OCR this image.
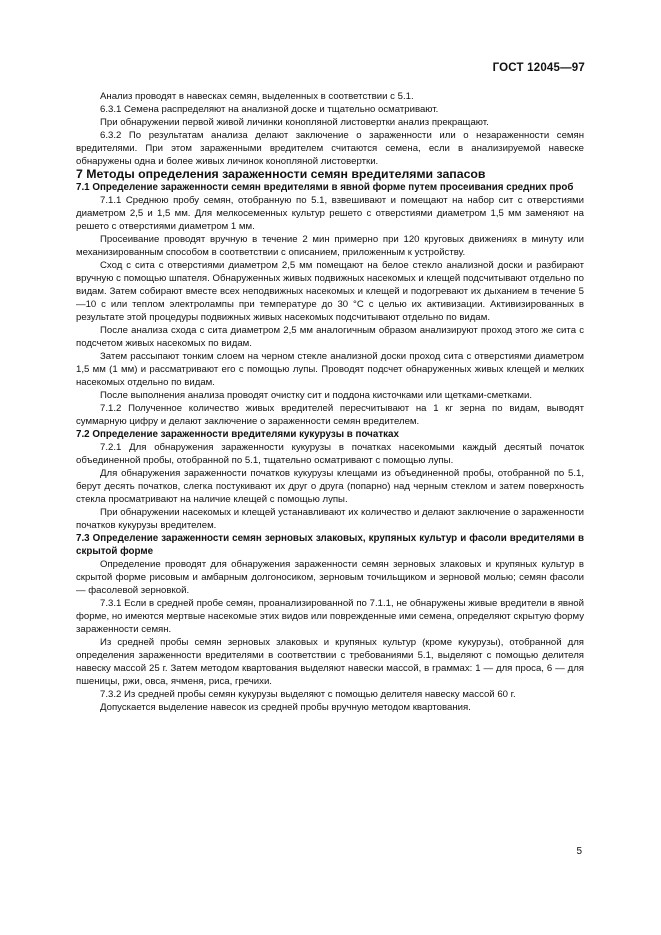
ГОСТ 12045—97

Анализ проводят в навесках семян, выделенных в соответствии с 5.1.

6.3.1 Семена распределяют на анализной доске и тщательно осматривают.

При обнаружении первой живой личинки конопляной листовертки анализ прекращают.

6.3.2 По результатам анализа делают заключение о зараженности или о незараженности семян вредителями. При этом зараженными вредителем считаются семена, если в анализируемой навеске обнаружены одна и более живых личинок конопляной листовертки.

7 Методы определения зараженности семян вредителями запасов

7.1 Определение зараженности семян вредителями в явной форме путем просеивания средних проб

7.1.1 Среднюю пробу семян, отобранную по 5.1, взвешивают и помещают на набор сит с отверстиями диаметром 2,5 и 1,5 мм. Для мелкосеменных культур решето с отверстиями диаметром 1,5 мм заменяют на решето с отверстиями диаметром 1 мм.

Просеивание проводят вручную в течение 2 мин примерно при 120 круговых движениях в минуту или механизированным способом в соответствии с описанием, приложенным к устройству.

Сход с сита с отверстиями диаметром 2,5 мм помещают на белое стекло анализной доски и разбирают вручную с помощью шпателя. Обнаруженных живых подвижных насекомых и клещей подсчитывают отдельно по видам. Затем собирают вместе всех неподвижных насекомых и клещей и подогревают их дыханием в течение 5—10 с или теплом электролампы при температуре до 30 °С с целью их активизации. Активизированных в результате этой процедуры подвижных живых насекомых подсчитывают отдельно по видам.

После анализа схода с сита диаметром 2,5 мм аналогичным образом анализируют проход этого же сита с подсчетом живых насекомых по видам.

Затем рассыпают тонким слоем на черном стекле анализной доски проход сита с отверстиями диаметром 1,5 мм (1 мм) и рассматривают его с помощью лупы. Проводят подсчет обнаруженных живых клещей и мелких насекомых отдельно по видам.

После выполнения анализа проводят очистку сит и поддона кисточками или щетками-сметками.

7.1.2 Полученное количество живых вредителей пересчитывают на 1 кг зерна по видам, выводят суммарную цифру и делают заключение о зараженности семян вредителем.

7.2 Определение зараженности вредителями кукурузы в початках

7.2.1 Для обнаружения зараженности кукурузы в початках насекомыми каждый десятый початок объединенной пробы, отобранной по 5.1, тщательно осматривают с помощью лупы.

Для обнаружения зараженности початков кукурузы клещами из объединенной пробы, отобранной по 5.1, берут десять початков, слегка постукивают их друг о друга (попарно) над черным стеклом и затем поверхность стекла просматривают на наличие клещей с помощью лупы.

При обнаружении насекомых и клещей устанавливают их количество и делают заключение о зараженности початков кукурузы вредителем.

7.3 Определение зараженности семян зерновых злаковых, крупяных культур и фасоли вредителями в скрытой форме

Определение проводят для обнаружения зараженности семян зерновых злаковых и крупяных культур в скрытой форме рисовым и амбарным долгоносиком, зерновым точильщиком и зерновой молью; семян фасоли — фасолевой зерновкой.

7.3.1 Если в средней пробе семян, проанализированной по 7.1.1, не обнаружены живые вредители в явной форме, но имеются мертвые насекомые этих видов или поврежденные ими семена, определяют скрытую форму зараженности семян.

Из средней пробы семян зерновых злаковых и крупяных культур (кроме кукурузы), отобранной для определения зараженности вредителями в соответствии с требованиями 5.1, выделяют с помощью делителя навеску массой 25 г. Затем методом квартования выделяют навески массой, в граммах: 1 — для проса, 6 — для пшеницы, ржи, овса, ячменя, риса, гречихи.

7.3.2 Из средней пробы семян кукурузы выделяют с помощью делителя навеску массой 60 г.

Допускается выделение навесок из средней пробы вручную методом квартования.

5
